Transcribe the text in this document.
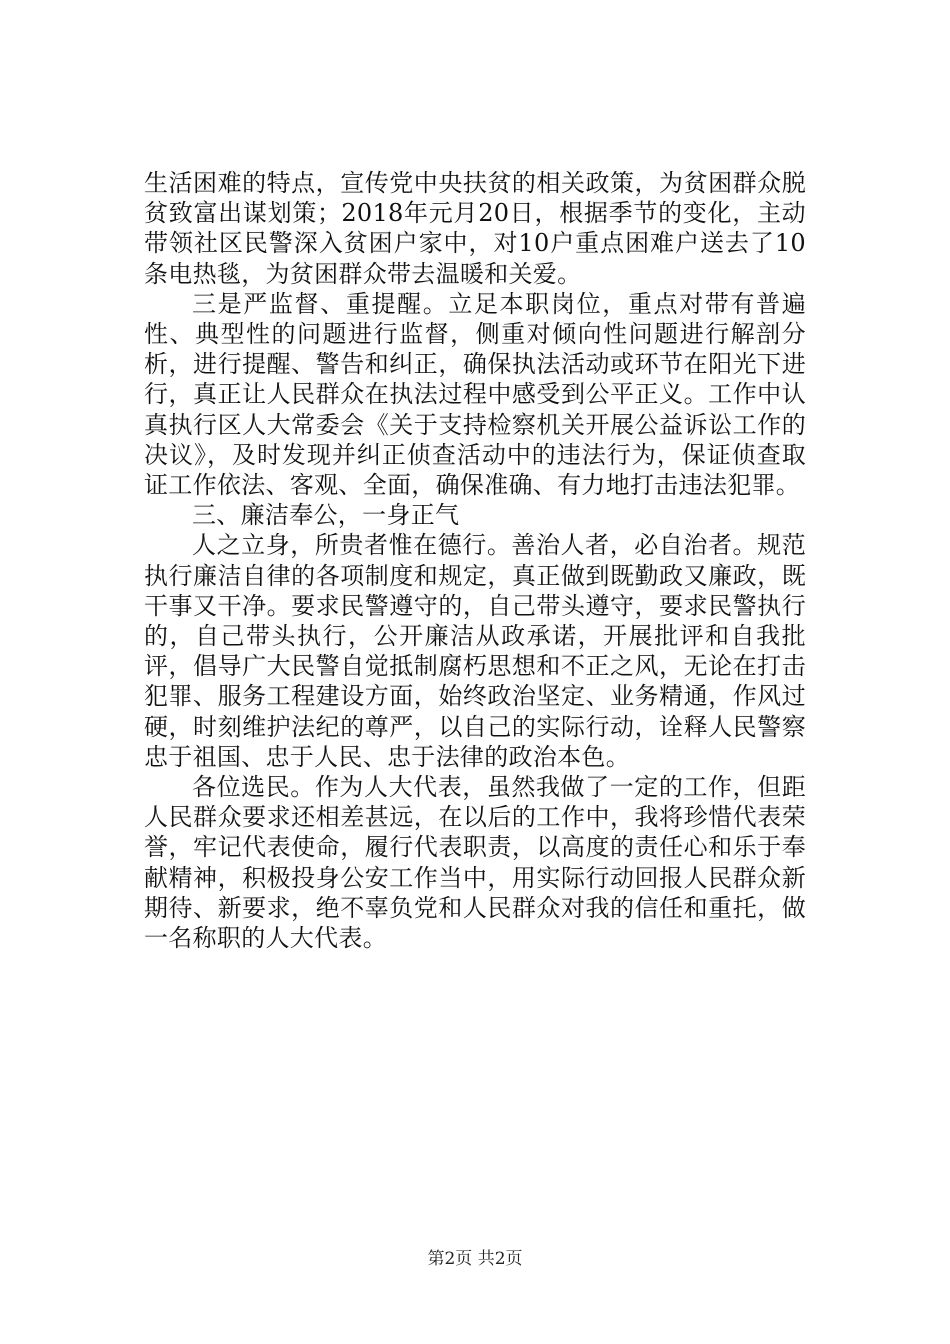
生活困难的特点，宣传党中央扶贫的相关政策，为贫困群众脱贫致富出谋划策；2018年元月20日，根据季节的变化，主动带领社区民警深入贫困户家中，对10户重点困难户送去了10条电热毯，为贫困群众带去温暖和关爱。

三是严监督、重提醒。立足本职岗位，重点对带有普遍性、典型性的问题进行监督，侧重对倾向性问题进行解剖分析，进行提醒、警告和纠正，确保执法活动或环节在阳光下进行，真正让人民群众在执法过程中感受到公平正义。工作中认真执行区人大常委会《关于支持检察机关开展公益诉讼工作的决议》，及时发现并纠正侦查活动中的违法行为，保证侦查取证工作依法、客观、全面，确保准确、有力地打击违法犯罪。

三、廉洁奉公，一身正气

人之立身，所贵者惟在德行。善治人者，必自治者。规范执行廉洁自律的各项制度和规定，真正做到既勤政又廉政，既干事又干净。要求民警遵守的，自己带头遵守，要求民警执行的，自己带头执行，公开廉洁从政承诺，开展批评和自我批评，倡导广大民警自觉抵制腐朽思想和不正之风，无论在打击犯罪、服务工程建设方面，始终政治坚定、业务精通，作风过硬，时刻维护法纪的尊严，以自己的实际行动，诠释人民警察忠于祖国、忠于人民、忠于法律的政治本色。

各位选民。作为人大代表，虽然我做了一定的工作，但距人民群众要求还相差甚远，在以后的工作中，我将珍惜代表荣誉，牢记代表使命，履行代表职责，以高度的责任心和乐于奉献精神，积极投身公安工作当中，用实际行动回报人民群众新期待、新要求，绝不辜负党和人民群众对我的信任和重托，做一名称职的人大代表。

第2页 共2页
